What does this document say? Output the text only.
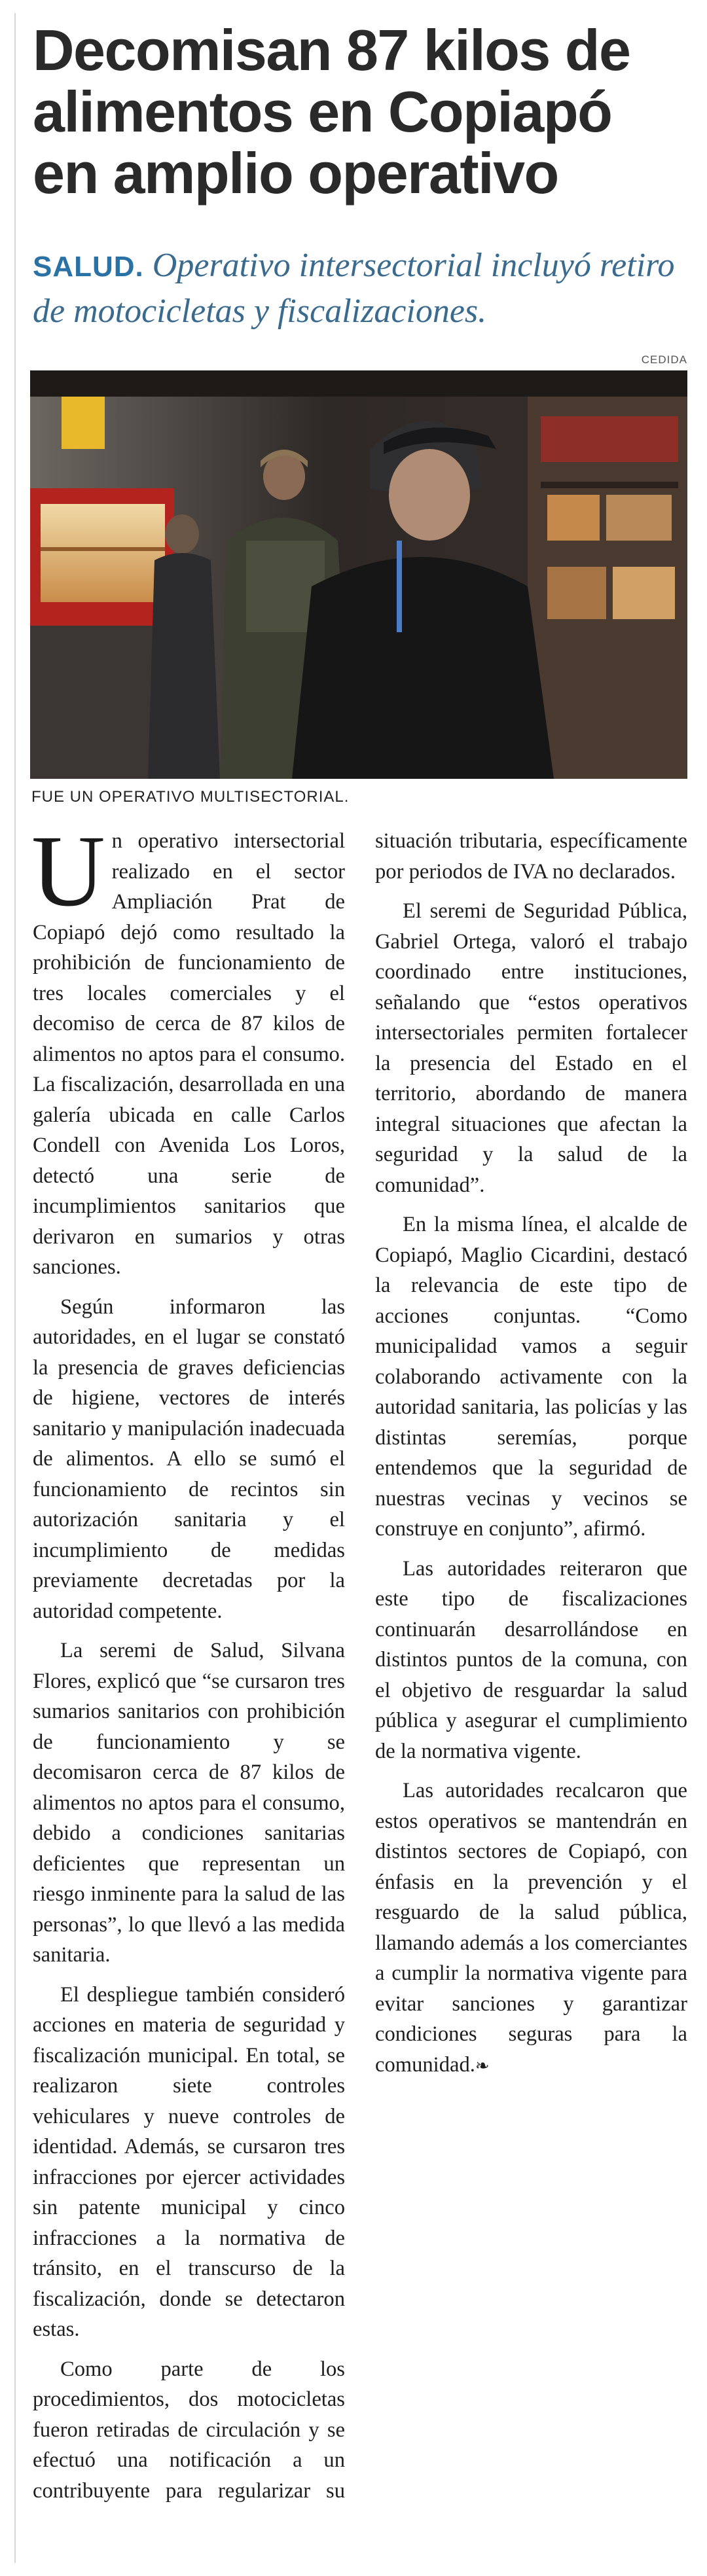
Decomisan 87 kilos de alimentos en Copiapó en amplio operativo

SALUD. Operativo intersectorial incluyó retiro de motocicletas y fiscalizaciones.

CEDIDA
FUE UN OPERATIVO MULTISECTORIAL.

Un operativo intersectorial realizado en el sector Ampliación Prat de Copiapó dejó como resultado la prohibición de funcionamiento de tres locales comerciales y el decomiso de cerca de 87 kilos de alimentos no aptos para el consumo. La fiscalización, desarrollada en una galería ubicada en calle Carlos Condell con Avenida Los Loros, detectó una serie de incumplimientos sanitarios que derivaron en sumarios y otras sanciones.

Según informaron las autoridades, en el lugar se constató la presencia de graves deficiencias de higiene, vectores de interés sanitario y manipulación inadecuada de alimentos. A ello se sumó el funcionamiento de recintos sin autorización sanitaria y el incumplimiento de medidas previamente decretadas por la autoridad competente.

La seremi de Salud, Silvana Flores, explicó que “se cursaron tres sumarios sanitarios con prohibición de funcionamiento y se decomisaron cerca de 87 kilos de alimentos no aptos para el consumo, debido a condiciones sanitarias deficientes que representan un riesgo inminente para la salud de las personas”, lo que llevó a las medida sanitaria.

El despliegue también consideró acciones en materia de seguridad y fiscalización municipal. En total, se realizaron siete controles vehiculares y nueve controles de identidad. Además, se cursaron tres infracciones por ejercer actividades sin patente municipal y cinco infracciones a la normativa de tránsito, en el transcurso de la fiscalización, donde se detectaron estas.

Como parte de los procedimientos, dos motocicletas fueron retiradas de circulación y se efectuó una notificación a un contribuyente para regularizar su situación tributaria, específicamente por periodos de IVA no declarados.

El seremi de Seguridad Pública, Gabriel Ortega, valoró el trabajo coordinado entre instituciones, señalando que “estos operativos intersectoriales permiten fortalecer la presencia del Estado en el territorio, abordando de manera integral situaciones que afectan la seguridad y la salud de la comunidad”.

En la misma línea, el alcalde de Copiapó, Maglio Cicardini, destacó la relevancia de este tipo de acciones conjuntas. “Como municipalidad vamos a seguir colaborando activamente con la autoridad sanitaria, las policías y las distintas seremías, porque entendemos que la seguridad de nuestras vecinas y vecinos se construye en conjunto”, afirmó.

Las autoridades reiteraron que este tipo de fiscalizaciones continuarán desarrollándose en distintos puntos de la comuna, con el objetivo de resguardar la salud pública y asegurar el cumplimiento de la normativa vigente.

Las autoridades recalcaron que estos operativos se mantendrán en distintos sectores de Copiapó, con énfasis en la prevención y el resguardo de la salud pública, llamando además a los comerciantes a cumplir la normativa vigente para evitar sanciones y garantizar condiciones seguras para la comunidad.❧
